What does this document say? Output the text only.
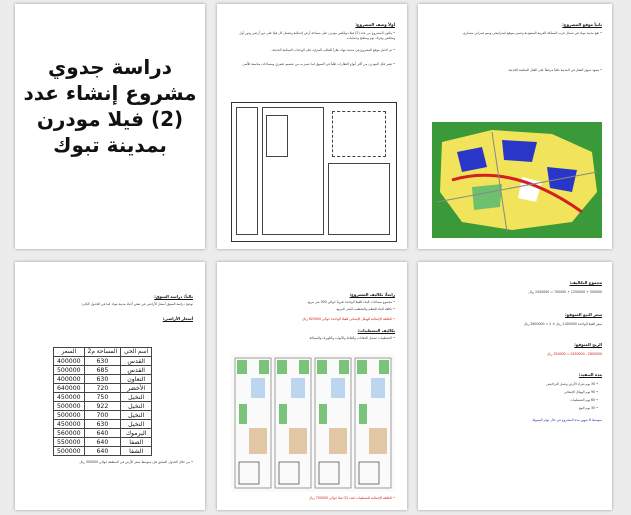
دراسة جدوي
مشروع إنشاء عدد
(2) فيلا مودرن
بمدينة تبوك
أولاً وصف المشروع:
• يتكون المشروع من عدد (2) فيلا دوبلكس مودرن على مساحة أرض إجمالية وتشمل كل فيلا على دور أرضي ودور أول ومجلس وغرف نوم ومطبخ وحمامات.
• تم اختيار موقع المشروع في مدينة تبوك نظراً للطلب المتزايد على الوحدات السكنية الحديثة.
• تعتبر فلل المودرن من أكثر أنواع العقارات طلباً في السوق لما تتميز به من تصميم عصري ومساحات مناسبة للأسر.
ثانياً موقع المشروع:
• تقع مدينة تبوك في شمال غرب المملكة العربية السعودية وتتميز بموقع استراتيجي ونمو عمراني متسارع.
• يشهد سوق العقار في المدينة طلباً مرتفعاً على الفلل السكنية الحديثة.
ثالثاً: دراسة السوق:
توضح دراسة السوق أسعار الأراضي في بعض أحياء مدينة تبوك كما في الجدول التالي:
أسعار الأراضي:
اسم الحي	المساحة م2	السعر
القدس	630	400000
القدس	685	500000
التعاون	630	400000
الأخضر	720	640000
النخيل	750	450000
النخيل	922	500000
النخيل	700	500000
النخيل	630	450000
اليرموك	640	560000
الصفا	640	550000
الشفا	640	500000
• من خلال الجدول السابق فإن متوسط سعر الأرض في المنطقة حوالي 500000 ريال
رابعاً: تكاليف المشروع:
• مجموع مساحات البناء للفيلا الواحدة تقريباً حوالي 500 متر مربع.
• تكلفة البناء للعظم والتشطيب للمتر المربع.
• التكلفة الإجمالية للهيكل الإنشائي للفيلا الواحدة حوالي 625000 ريال
تكاليف التشطيبات:
• التشطيبات تشمل الدهانات والبلاط والأبواب والكهرباء والسباكة.
• التكلفة الإجمالية للتشطيبات لعدد (2) فيلا حوالي 700000 ريال
مجموع التكاليف:
500000 + 1250000 + 700000 = 2450000 ريال
سعر البيع المتوقع:
سعر الفيلا الواحدة 1400000 ريال × 2 = 2800000 ريال
الربح المتوقع:
2800000 - 2450000 = 350000 ريال
مدة التنفيذ:
• 30 يوم شراء الأرض وعمل التراخيص
• 90 يوم الهيكل الإنشائي
• 60 يوم التشطيبات
• 30 يوم البيع
متوسط 6 شهور مدة المشروع في حال توفر السيولة
